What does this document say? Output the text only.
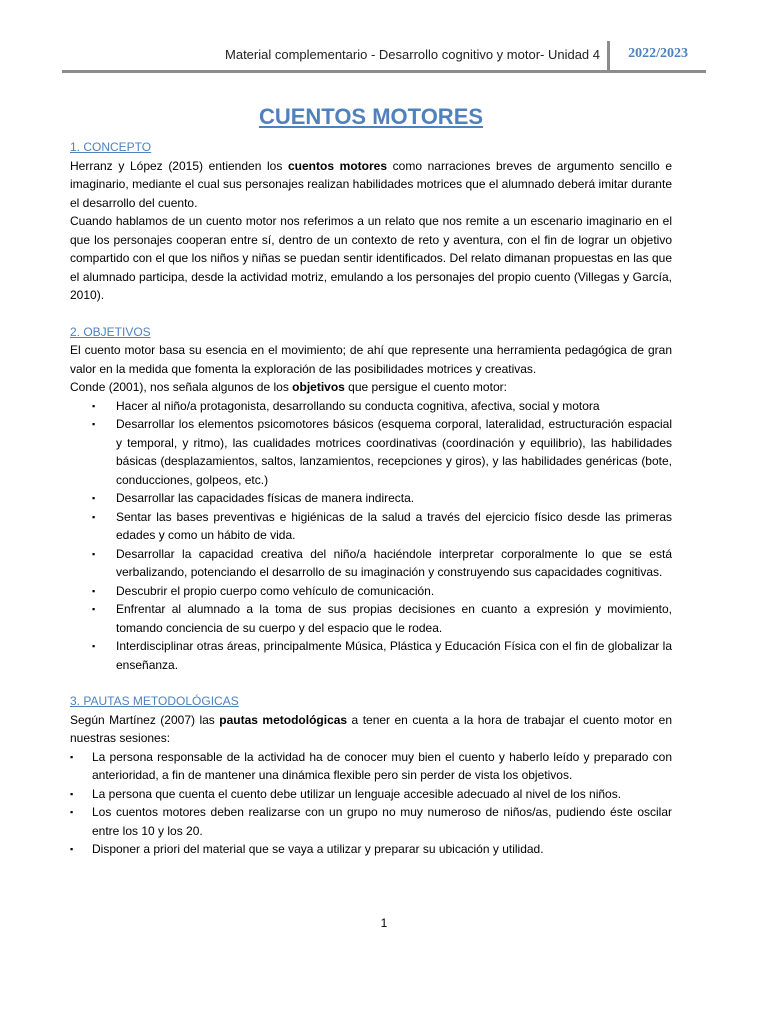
Material complementario - Desarrollo cognitivo y motor- Unidad 4 2022/2023
CUENTOS MOTORES
1. CONCEPTO

Herranz y López (2015) entienden los cuentos motores como narraciones breves de argumento sencillo e imaginario, mediante el cual sus personajes realizan habilidades motrices que el alumnado deberá imitar durante el desarrollo del cuento.

Cuando hablamos de un cuento motor nos referimos a un relato que nos remite a un escenario imaginario en el que los personajes cooperan entre sí, dentro de un contexto de reto y aventura, con el fin de lograr un objetivo compartido con el que los niños y niñas se puedan sentir identificados. Del relato dimanan propuestas en las que el alumnado participa, desde la actividad motriz, emulando a los personajes del propio cuento (Villegas y García, 2010).

2. OBJETIVOS

El cuento motor basa su esencia en el movimiento; de ahí que represente una herramienta pedagógica de gran valor en la medida que fomenta la exploración de las posibilidades motrices y creativas.

Conde (2001), nos señala algunos de los objetivos que persigue el cuento motor:

▪ Hacer al niño/a protagonista, desarrollando su conducta cognitiva, afectiva, social y motora
▪ Desarrollar los elementos psicomotores básicos (esquema corporal, lateralidad, estructuración espacial y temporal, y ritmo), las cualidades motrices coordinativas (coordinación y equilibrio), las habilidades básicas (desplazamientos, saltos, lanzamientos, recepciones y giros), y las habilidades genéricas (bote, conducciones, golpeos, etc.)
▪ Desarrollar las capacidades físicas de manera indirecta.
▪ Sentar las bases preventivas e higiénicas de la salud a través del ejercicio físico desde las primeras edades y como un hábito de vida.
▪ Desarrollar la capacidad creativa del niño/a haciéndole interpretar corporalmente lo que se está verbalizando, potenciando el desarrollo de su imaginación y construyendo sus capacidades cognitivas.
▪ Descubrir el propio cuerpo como vehículo de comunicación.
▪ Enfrentar al alumnado a la toma de sus propias decisiones en cuanto a expresión y movimiento, tomando conciencia de su cuerpo y del espacio que le rodea.
▪ Interdisciplinar otras áreas, principalmente Música, Plástica y Educación Física con el fin de globalizar la enseñanza.
3. PAUTAS METODOLÓGICAS

Según Martínez (2007) las pautas metodológicas a tener en cuenta a la hora de trabajar el cuento motor en nuestras sesiones:

▪ La persona responsable de la actividad ha de conocer muy bien el cuento y haberlo leído y preparado con anterioridad, a fin de mantener una dinámica flexible pero sin perder de vista los objetivos.
▪ La persona que cuenta el cuento debe utilizar un lenguaje accesible adecuado al nivel de los niños.
▪ Los cuentos motores deben realizarse con un grupo no muy numeroso de niños/as, pudiendo éste oscilar entre los 10 y los 20.
▪ Disponer a priori del material que se vaya a utilizar y preparar su ubicación y utilidad.
1
